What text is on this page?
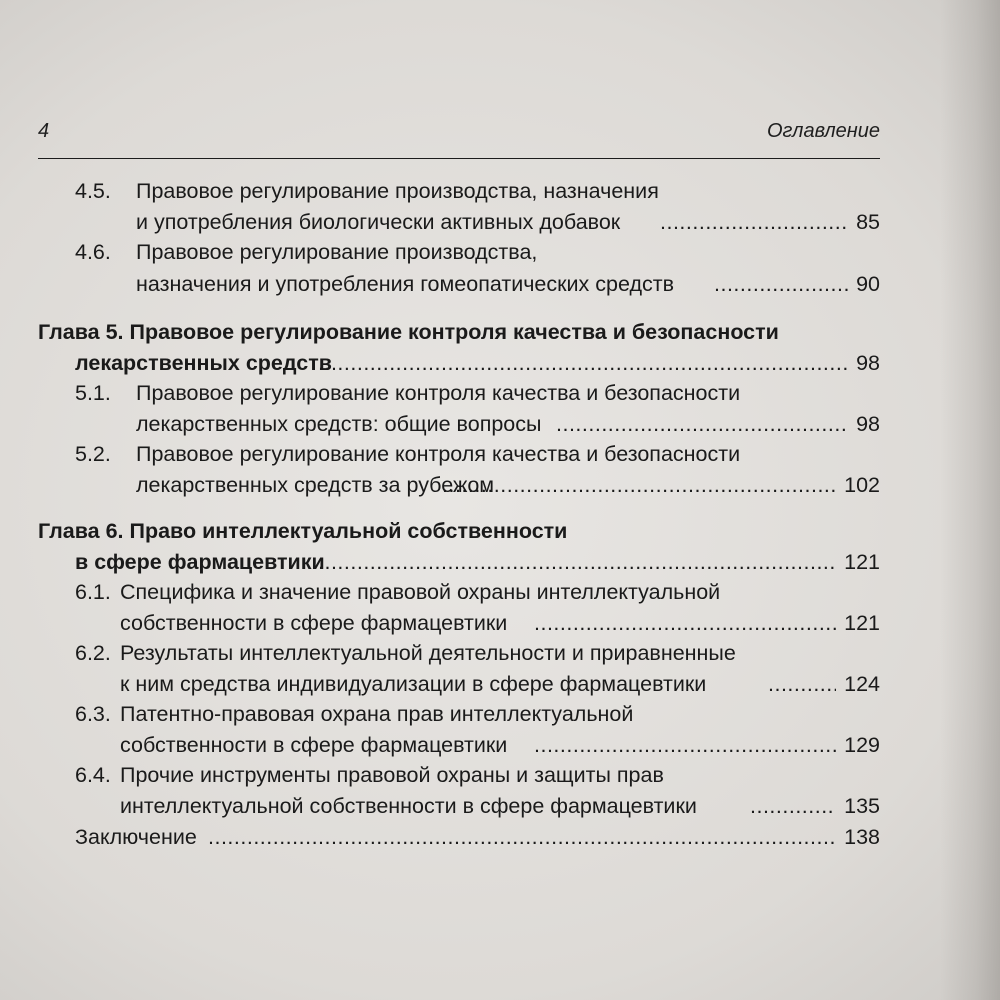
4	Оглавление
4.5. Правовое регулирование производства, назначения
и употребления биологически активных добавок .....	85
4.6. Правовое регулирование производства,
назначения и употребления гомеопатических средств .....	90
Глава 5. Правовое регулирование контроля качества и безопасности
лекарственных средств .....	98
5.1. Правовое регулирование контроля качества и безопасности
лекарственных средств: общие вопросы .....	98
5.2. Правовое регулирование контроля качества и безопасности
лекарственных средств за рубежом .....	102
Глава 6. Право интеллектуальной собственности
в сфере фармацевтики .....	121
6.1. Специфика и значение правовой охраны интеллектуальной
собственности в сфере фармацевтики .....	121
6.2. Результаты интеллектуальной деятельности и приравненные
к ним средства индивидуализации в сфере фармацевтики .....	124
6.3. Патентно-правовая охрана прав интеллектуальной
собственности в сфере фармацевтики .....	129
6.4. Прочие инструменты правовой охраны и защиты прав
интеллектуальной собственности в сфере фармацевтики .....	135
Заключение .....	138
